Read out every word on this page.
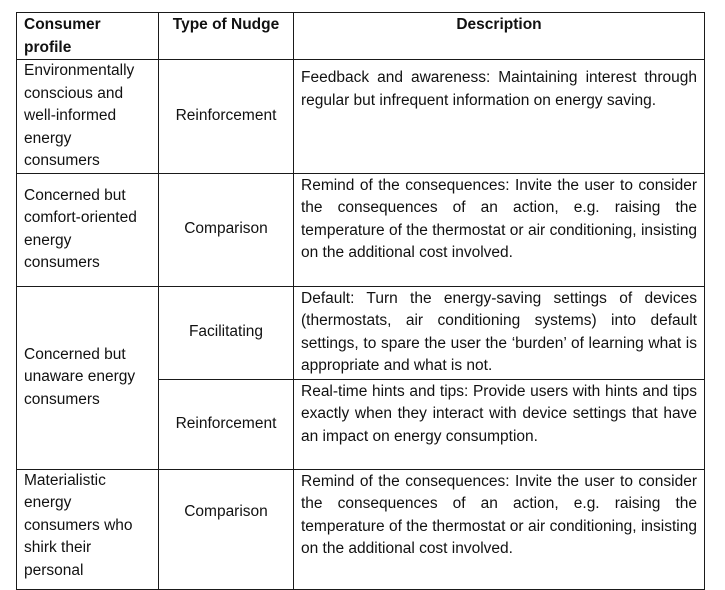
Consumer profile	Type of Nudge	Description
Environmentally conscious and well-informed energy consumers	Reinforcement	Feedback and awareness: Maintaining interest through regular but infrequent information on energy saving.
Concerned but comfort-oriented energy consumers	Comparison	Remind of the consequences: Invite the user to consider the consequences of an action, e.g. raising the temperature of the thermostat or air conditioning, insisting on the additional cost involved.
Concerned but unaware energy consumers	Facilitating	Default: Turn the energy-saving settings of devices (thermostats, air conditioning systems) into default settings, to spare the user the ‘burden’ of learning what is appropriate and what is not.
	Reinforcement	Real-time hints and tips: Provide users with hints and tips exactly when they interact with device settings that have an impact on energy consumption.
Materialistic energy consumers who shirk their personal	Comparison	Remind of the consequences: Invite the user to consider the consequences of an action, e.g. raising the temperature of the thermostat or air conditioning, insisting on the additional cost involved.
